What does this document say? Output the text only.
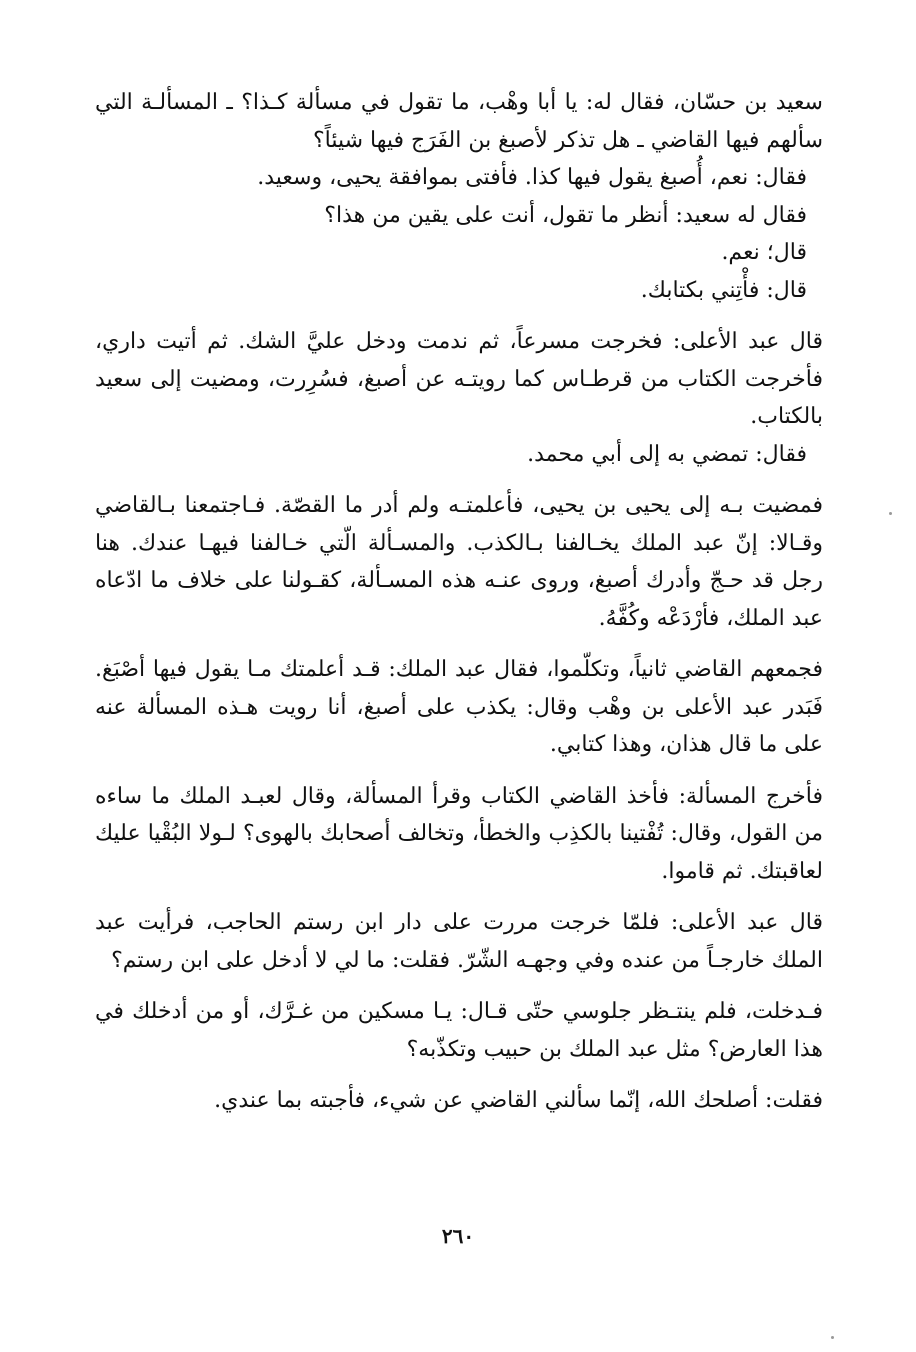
سعيد بن حسّان، فقال له: يا أبا وهْب، ما تقول في مسألة كـذا؟ ـ المسألـة التي سألهم فيها القاضي ـ هل تذكر لأصبغ بن الفَرَج فيها شيئاً؟

فقال: نعم، أُصبغ يقول فيها كذا. فأفتى بموافقة يحيى، وسعيد.

فقال له سعيد: أنظر ما تقول، أنت على يقين من هذا؟

قال؛ نعم.

قال: فأْتِني بكتابك.

قال عبد الأعلى: فخرجت مسرعاً، ثم ندمت ودخل عليَّ الشك. ثم أتيت داري، فأخرجت الكتاب من قرطـاس كما رويتـه عن أصبغ، فسُرِرت، ومضيت إلى سعيد بالكتاب.

فقال: تمضي به إلى أبي محمد.

فمضيت بـه إلى يحيى بن يحيى، فأعلمتـه ولم أدر ما القصّة. فـاجتمعنا بـالقاضي وقـالا: إنّ عبد الملك يخـالفنا بـالكذب. والمسـألة الّتي خـالفنا فيهـا عندك. هنا رجل قد حـجّ وأدرك أصبغ، وروى عنـه هذه المسـألة، كقـولنا على خلاف ما ادّعاه عبد الملك، فأرْدَعْه وكُفَّهُ.

فجمعهم القاضي ثانياً، وتكلّموا، فقال عبد الملك: قـد أعلمتك مـا يقول فيها أصْبَغ. فَبَدر عبد الأعلى بن وهْب وقال: يكذب على أصبغ، أنا رويت هـذه المسألة عنه على ما قال هذان، وهذا كتابي.

فأخرج المسألة: فأخذ القاضي الكتاب وقرأ المسألة، وقال لعبـد الملك ما ساءه من القول، وقال: تُفْتينا بالكذِب والخطأ، وتخالف أصحابك بالهوى؟ لـولا البُقْيا عليك لعاقبتك. ثم قاموا.

قال عبد الأعلى: فلمّا خرجت مررت على دار ابن رستم الحاجب، فرأيت عبد الملك خارجـاً من عنده وفي وجهـه الشّرّ. فقلت: ما لي لا أدخل على ابن رستم؟

فـدخلت، فلم ينتـظر جلوسي حتّى قـال: يـا مسكين من غـرَّك، أو من أدخلك في هذا العارض؟ مثل عبد الملك بن حبيب وتكذّبه؟

فقلت: أصلحك الله، إنّما سألني القاضي عن شيء، فأجبته بما عندي.

٢٦٠
